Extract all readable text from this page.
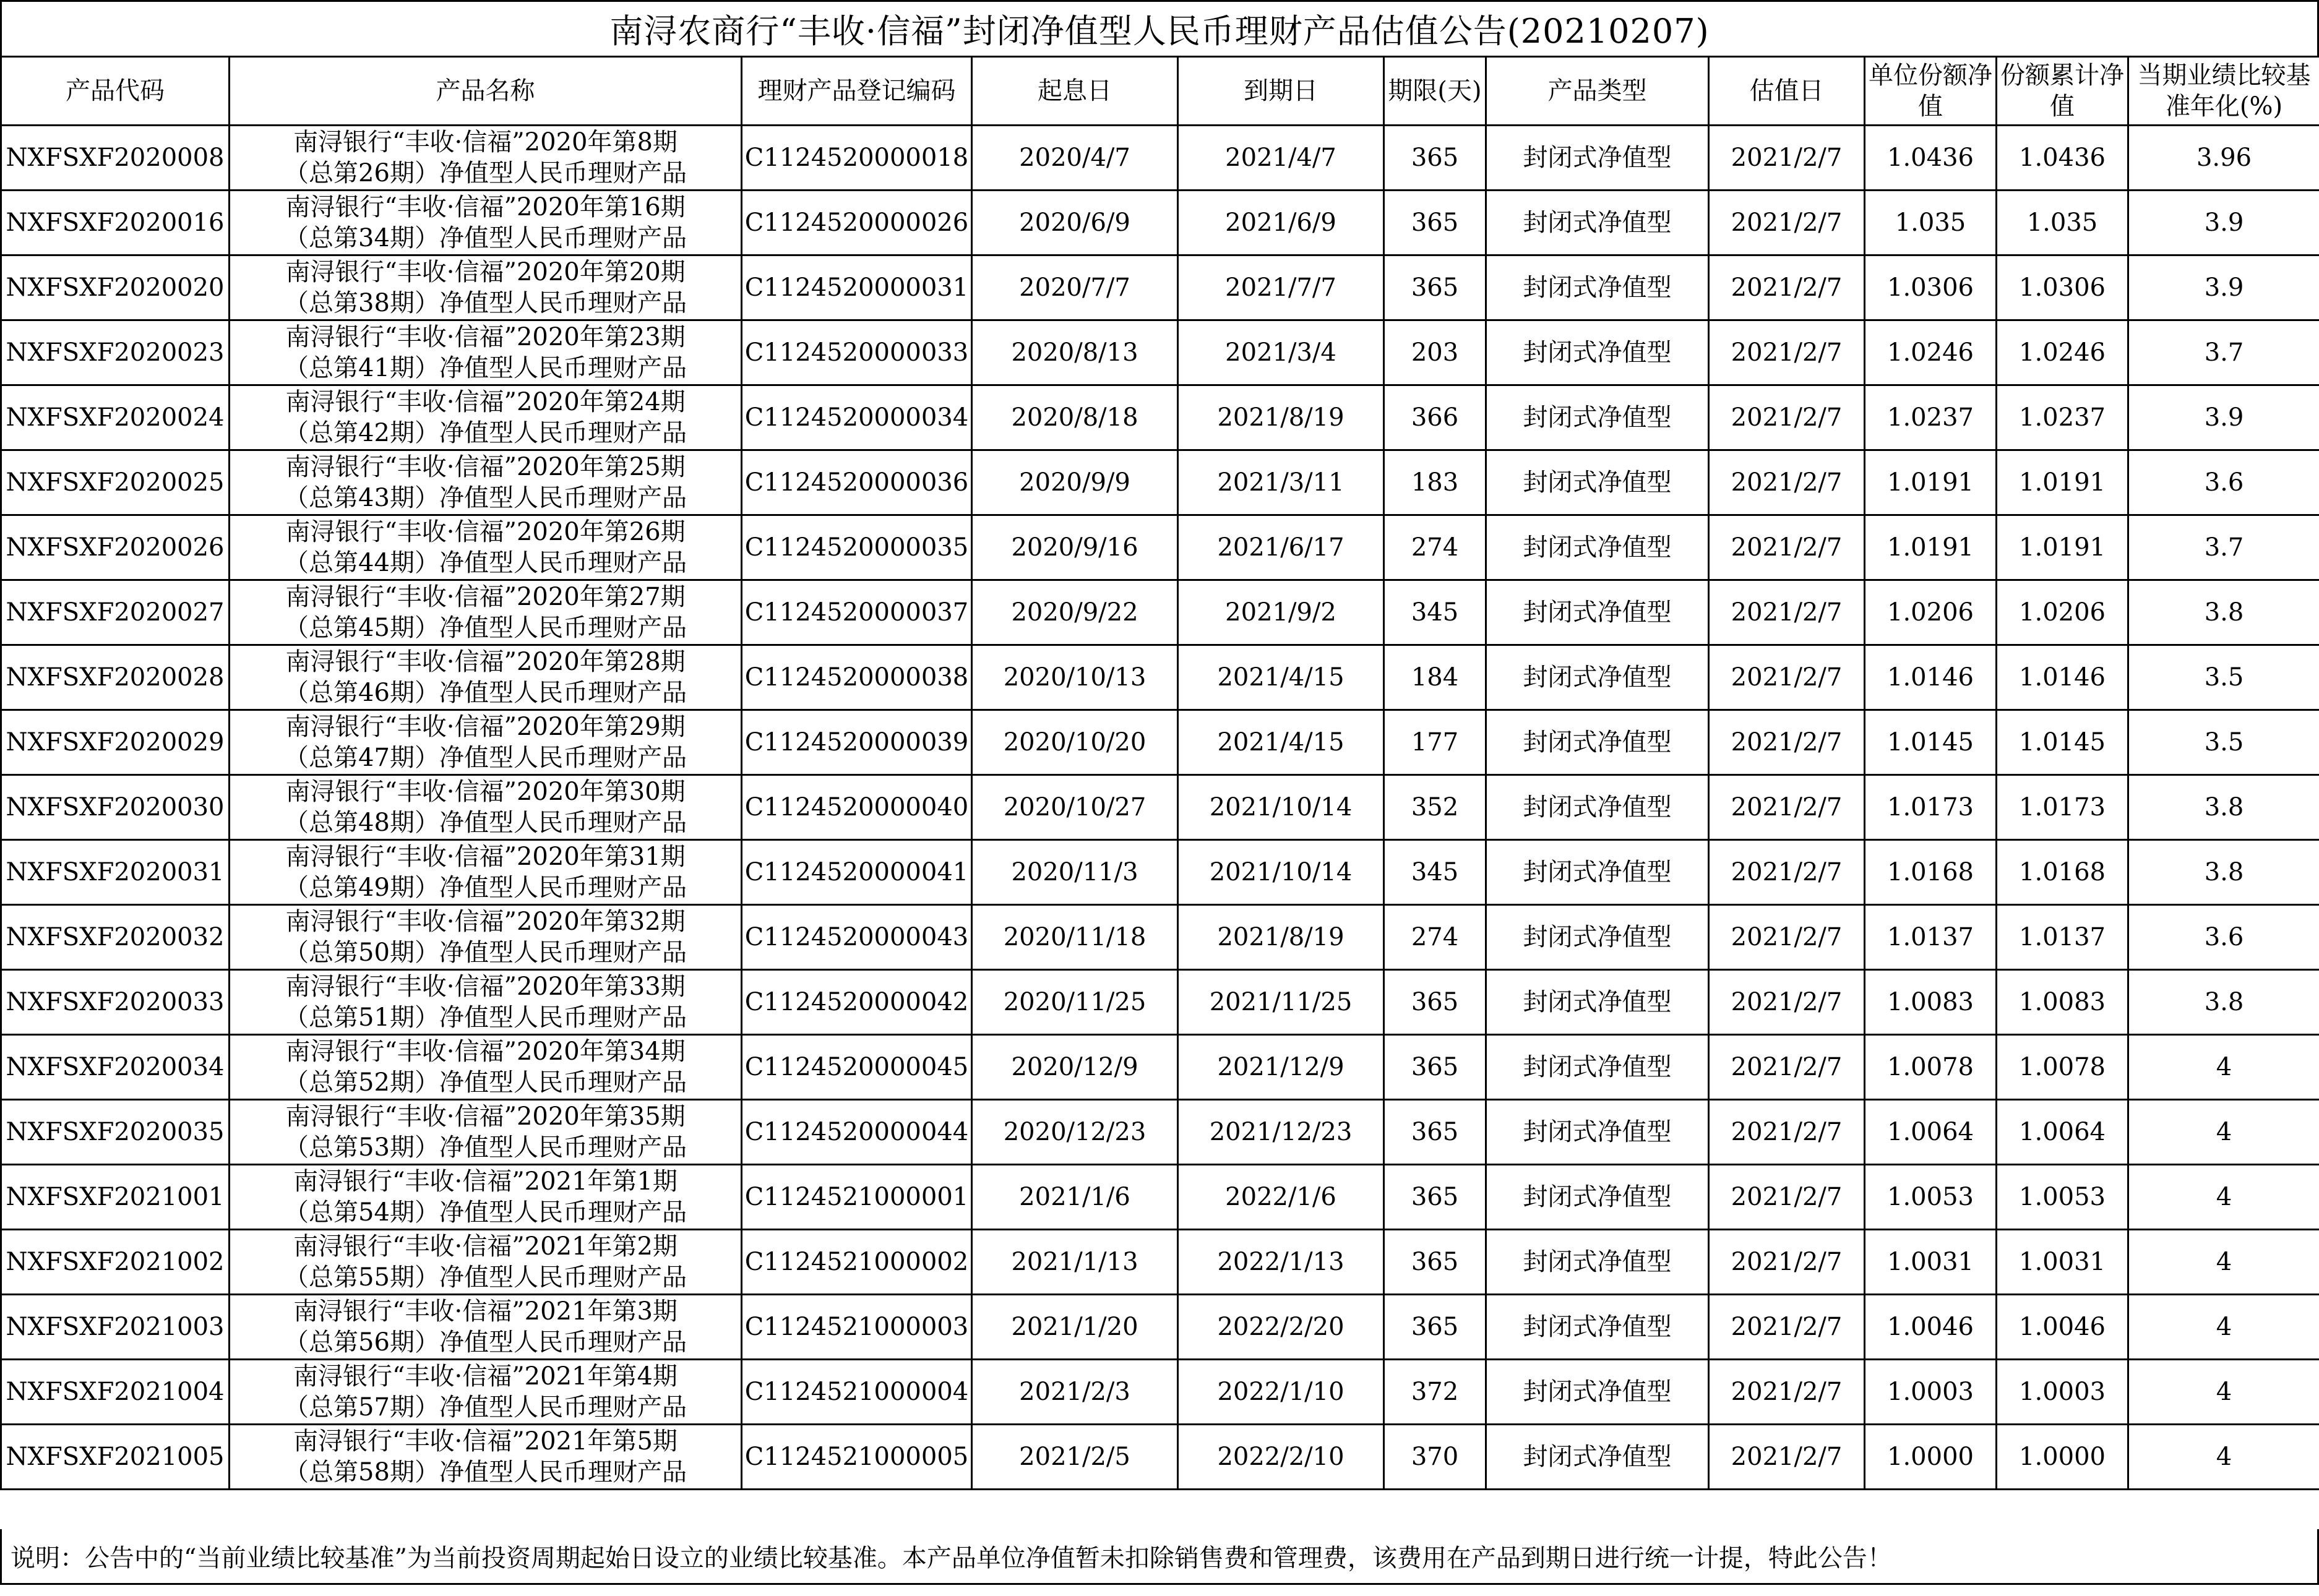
南浔农商行“丰收·信福”封闭净值型人民币理财产品估值公告(20210207)
产品代码	产品名称	理财产品登记编码	起息日	到期日	期限(天)	产品类型	估值日	单位份额净值	份额累计净值	当期业绩比较基准年化(%)
NXFSXF2020008	南浔银行“丰收·信福”2020年第8期
（总第26期）净值型人民币理财产品	C1124520000018	2020/4/7	2021/4/7	365	封闭式净值型	2021/2/7	1.0436	1.0436	3.96
NXFSXF2020016	南浔银行“丰收·信福”2020年第16期
（总第34期）净值型人民币理财产品	C1124520000026	2020/6/9	2021/6/9	365	封闭式净值型	2021/2/7	1.035	1.035	3.9
NXFSXF2020020	南浔银行“丰收·信福”2020年第20期
（总第38期）净值型人民币理财产品	C1124520000031	2020/7/7	2021/7/7	365	封闭式净值型	2021/2/7	1.0306	1.0306	3.9
NXFSXF2020023	南浔银行“丰收·信福”2020年第23期
（总第41期）净值型人民币理财产品	C1124520000033	2020/8/13	2021/3/4	203	封闭式净值型	2021/2/7	1.0246	1.0246	3.7
NXFSXF2020024	南浔银行“丰收·信福”2020年第24期
（总第42期）净值型人民币理财产品	C1124520000034	2020/8/18	2021/8/19	366	封闭式净值型	2021/2/7	1.0237	1.0237	3.9
NXFSXF2020025	南浔银行“丰收·信福”2020年第25期
（总第43期）净值型人民币理财产品	C1124520000036	2020/9/9	2021/3/11	183	封闭式净值型	2021/2/7	1.0191	1.0191	3.6
NXFSXF2020026	南浔银行“丰收·信福”2020年第26期
（总第44期）净值型人民币理财产品	C1124520000035	2020/9/16	2021/6/17	274	封闭式净值型	2021/2/7	1.0191	1.0191	3.7
NXFSXF2020027	南浔银行“丰收·信福”2020年第27期
（总第45期）净值型人民币理财产品	C1124520000037	2020/9/22	2021/9/2	345	封闭式净值型	2021/2/7	1.0206	1.0206	3.8
NXFSXF2020028	南浔银行“丰收·信福”2020年第28期
（总第46期）净值型人民币理财产品	C1124520000038	2020/10/13	2021/4/15	184	封闭式净值型	2021/2/7	1.0146	1.0146	3.5
NXFSXF2020029	南浔银行“丰收·信福”2020年第29期
（总第47期）净值型人民币理财产品	C1124520000039	2020/10/20	2021/4/15	177	封闭式净值型	2021/2/7	1.0145	1.0145	3.5
NXFSXF2020030	南浔银行“丰收·信福”2020年第30期
（总第48期）净值型人民币理财产品	C1124520000040	2020/10/27	2021/10/14	352	封闭式净值型	2021/2/7	1.0173	1.0173	3.8
NXFSXF2020031	南浔银行“丰收·信福”2020年第31期
（总第49期）净值型人民币理财产品	C1124520000041	2020/11/3	2021/10/14	345	封闭式净值型	2021/2/7	1.0168	1.0168	3.8
NXFSXF2020032	南浔银行“丰收·信福”2020年第32期
（总第50期）净值型人民币理财产品	C1124520000043	2020/11/18	2021/8/19	274	封闭式净值型	2021/2/7	1.0137	1.0137	3.6
NXFSXF2020033	南浔银行“丰收·信福”2020年第33期
（总第51期）净值型人民币理财产品	C1124520000042	2020/11/25	2021/11/25	365	封闭式净值型	2021/2/7	1.0083	1.0083	3.8
NXFSXF2020034	南浔银行“丰收·信福”2020年第34期
（总第52期）净值型人民币理财产品	C1124520000045	2020/12/9	2021/12/9	365	封闭式净值型	2021/2/7	1.0078	1.0078	4
NXFSXF2020035	南浔银行“丰收·信福”2020年第35期
（总第53期）净值型人民币理财产品	C1124520000044	2020/12/23	2021/12/23	365	封闭式净值型	2021/2/7	1.0064	1.0064	4
NXFSXF2021001	南浔银行“丰收·信福”2021年第1期
（总第54期）净值型人民币理财产品	C1124521000001	2021/1/6	2022/1/6	365	封闭式净值型	2021/2/7	1.0053	1.0053	4
NXFSXF2021002	南浔银行“丰收·信福”2021年第2期
（总第55期）净值型人民币理财产品	C1124521000002	2021/1/13	2022/1/13	365	封闭式净值型	2021/2/7	1.0031	1.0031	4
NXFSXF2021003	南浔银行“丰收·信福”2021年第3期
（总第56期）净值型人民币理财产品	C1124521000003	2021/1/20	2022/2/20	365	封闭式净值型	2021/2/7	1.0046	1.0046	4
NXFSXF2021004	南浔银行“丰收·信福”2021年第4期
（总第57期）净值型人民币理财产品	C1124521000004	2021/2/3	2022/1/10	372	封闭式净值型	2021/2/7	1.0003	1.0003	4
NXFSXF2021005	南浔银行“丰收·信福”2021年第5期
（总第58期）净值型人民币理财产品	C1124521000005	2021/2/5	2022/2/10	370	封闭式净值型	2021/2/7	1.0000	1.0000	4
说明：公告中的“当前业绩比较基准”为当前投资周期起始日设立的业绩比较基准。本产品单位净值暂未扣除销售费和管理费，该费用在产品到期日进行统一计提，特此公告！
